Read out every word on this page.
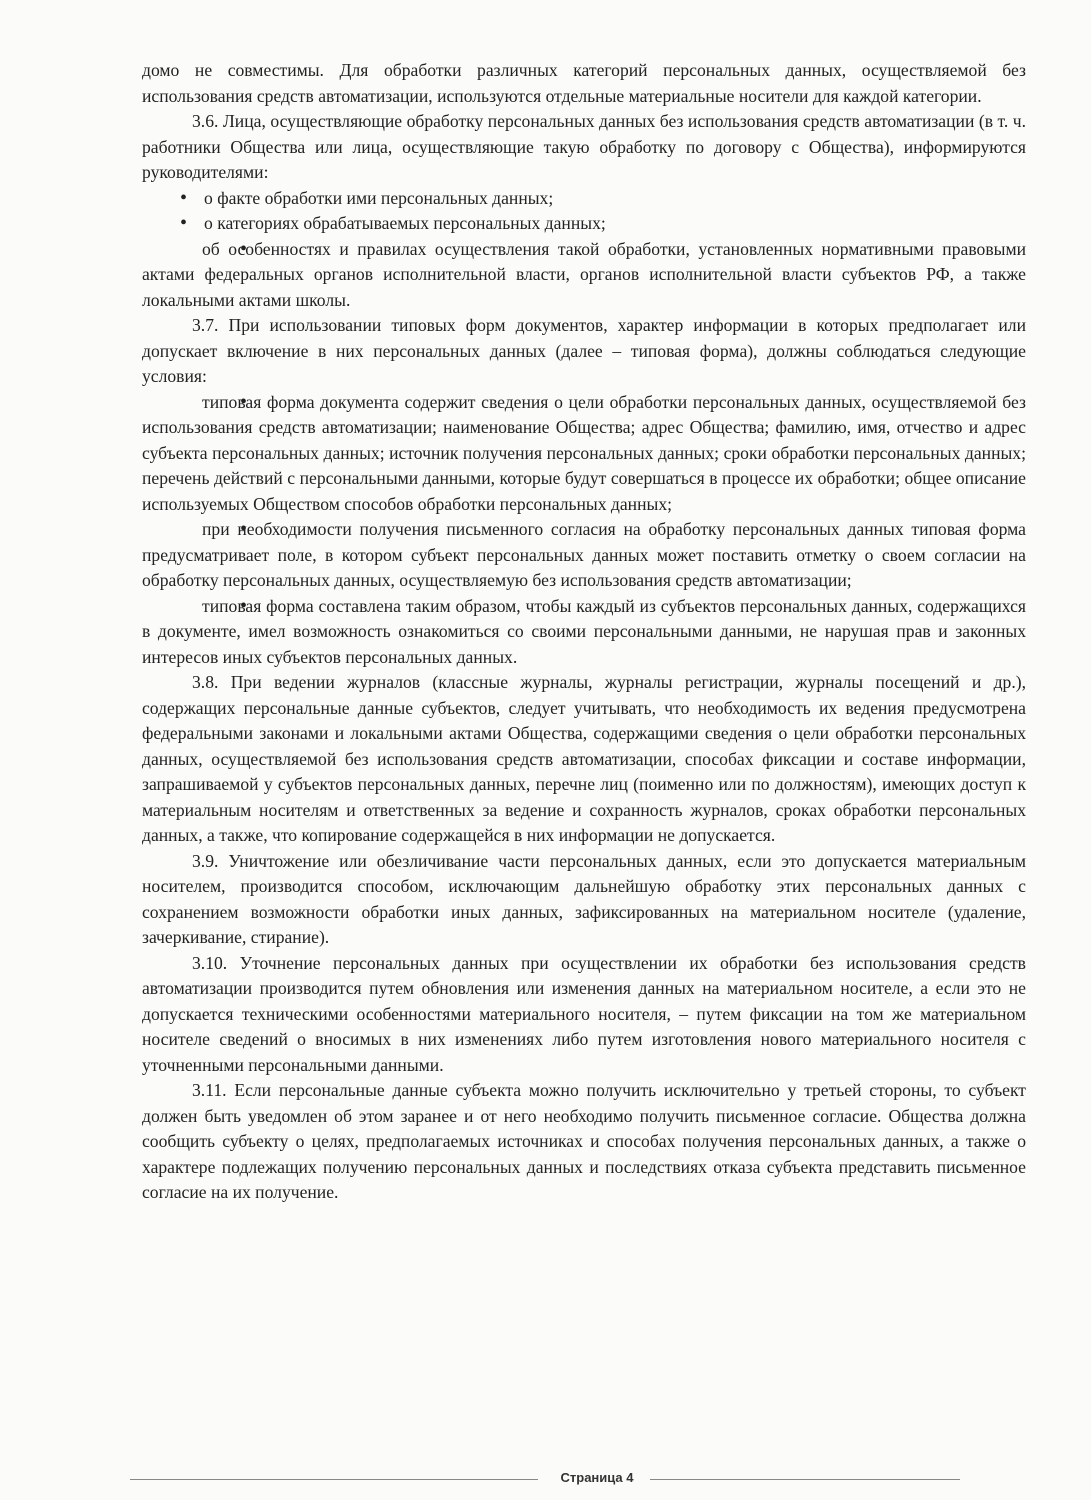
домо не совместимы. Для обработки различных категорий персональных данных, осуществляемой без использования средств автоматизации, используются отдельные материальные носители для каждой категории.

3.6. Лица, осуществляющие обработку персональных данных без использования средств автоматизации (в т. ч. работники Общества или лица, осуществляющие такую обработку по договору с Общества), информируются руководителями:

• о факте обработки ими персональных данных;

• о категориях обрабатываемых персональных данных;

• об особенностях и правилах осуществления такой обработки, установленных нормативными правовыми актами федеральных органов исполнительной власти, органов исполнительной власти субъектов РФ, а также локальными актами школы.

3.7. При использовании типовых форм документов, характер информации в которых предполагает или допускает включение в них персональных данных (далее – типовая форма), должны соблюдаться следующие условия:

• типовая форма документа содержит сведения о цели обработки персональных данных, осуществляемой без использования средств автоматизации; наименование Общества; адрес Общества; фамилию, имя, отчество и адрес субъекта персональных данных; источник получения персональных данных; сроки обработки персональных данных; перечень действий с персональными данными, которые будут совершаться в процессе их обработки; общее описание используемых Обществом способов обработки персональных данных;

• при необходимости получения письменного согласия на обработку персональных данных типовая форма предусматривает поле, в котором субъект персональных данных может поставить отметку о своем согласии на обработку персональных данных, осуществляемую без использования средств автоматизации;

• типовая форма составлена таким образом, чтобы каждый из субъектов персональных данных, содержащихся в документе, имел возможность ознакомиться со своими персональными данными, не нарушая прав и законных интересов иных субъектов персональных данных.

3.8. При ведении журналов (классные журналы, журналы регистрации, журналы посещений и др.), содержащих персональные данные субъектов, следует учитывать, что необходимость их ведения предусмотрена федеральными законами и локальными актами Общества, содержащими сведения о цели обработки персональных данных, осуществляемой без использования средств автоматизации, способах фиксации и составе информации, запрашиваемой у субъектов персональных данных, перечне лиц (поименно или по должностям), имеющих доступ к материальным носителям и ответственных за ведение и сохранность журналов, сроках обработки персональных данных, а также, что копирование содержащейся в них информации не допускается.

3.9. Уничтожение или обезличивание части персональных данных, если это допускается материальным носителем, производится способом, исключающим дальнейшую обработку этих персональных данных с сохранением возможности обработки иных данных, зафиксированных на материальном носителе (удаление, зачеркивание, стирание).

3.10. Уточнение персональных данных при осуществлении их обработки без использования средств автоматизации производится путем обновления или изменения данных на материальном носителе, а если это не допускается техническими особенностями материального носителя, – путем фиксации на том же материальном носителе сведений о вносимых в них изменениях либо путем изготовления нового материального носителя с уточненными персональными данными.

3.11. Если персональные данные субъекта можно получить исключительно у третьей стороны, то субъект должен быть уведомлен об этом заранее и от него необходимо получить письменное согласие. Общества должна сообщить субъекту о целях, предполагаемых источниках и способах получения персональных данных, а также о характере подлежащих получению персональных данных и последствиях отказа субъекта представить письменное согласие на их получение.

Страница 4
